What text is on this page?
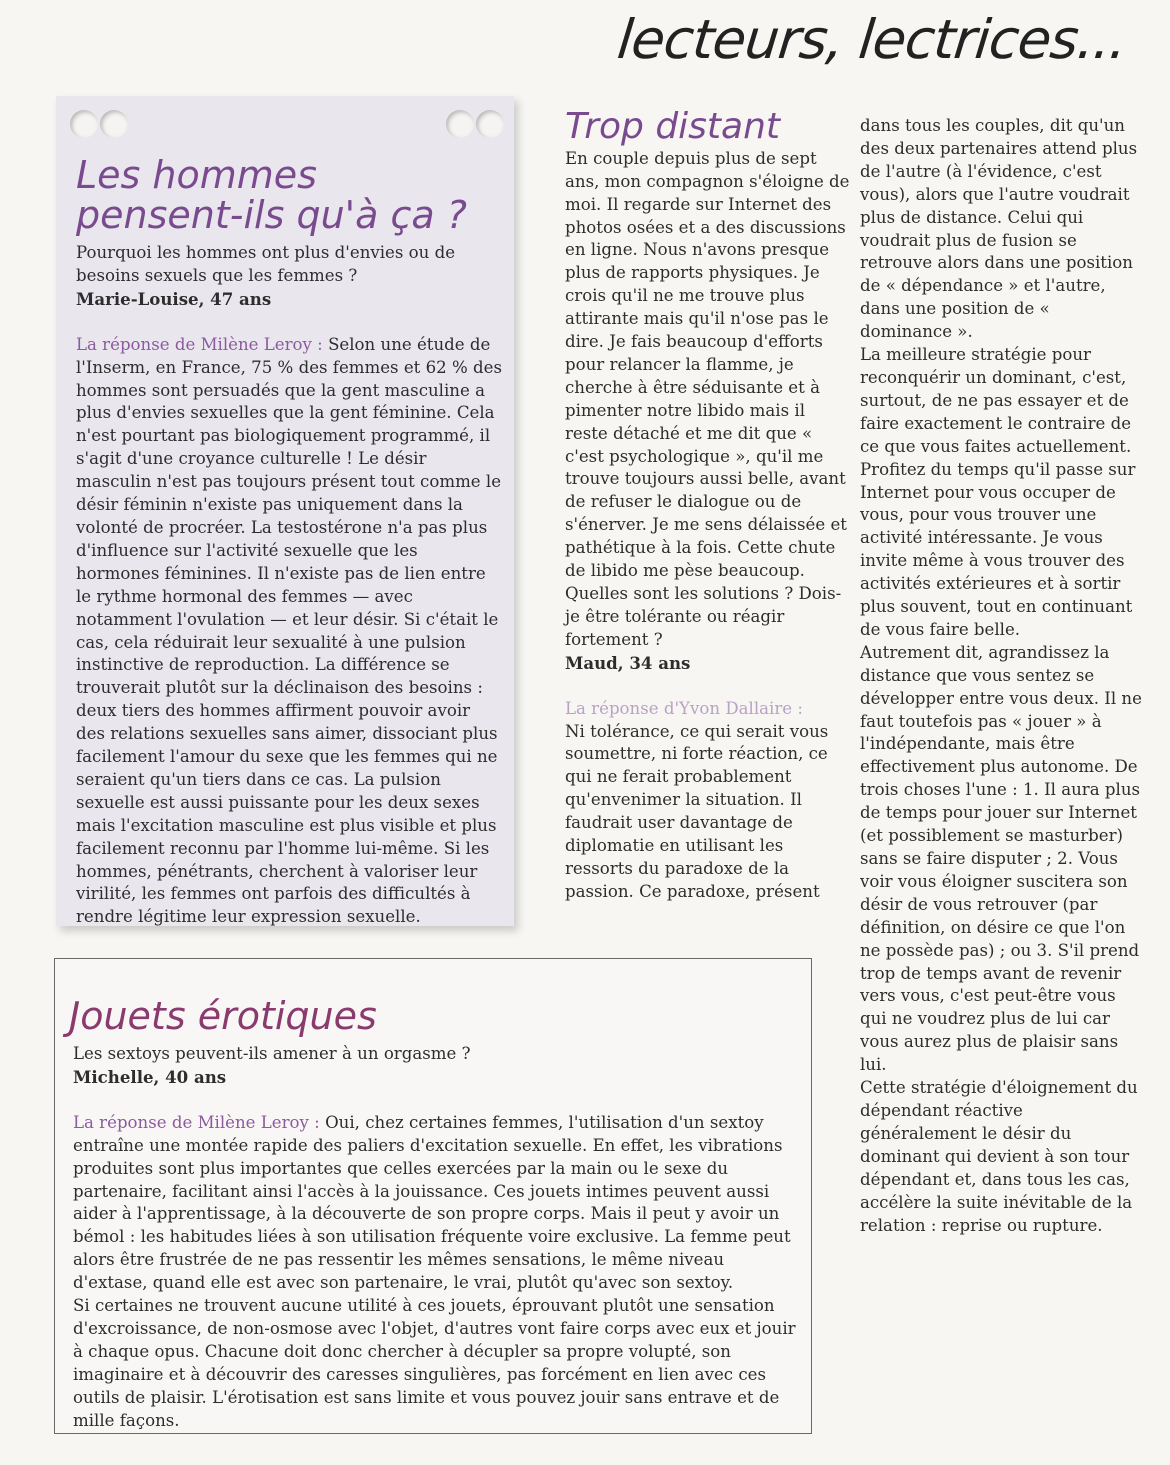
lecteurs, lectrices...
Les hommes pensent-ils qu'à ça ?

Pourquoi les hommes ont plus d'envies ou de besoins sexuels que les femmes ?

Marie-Louise, 47 ans

La réponse de Milène Leroy : Selon une étude de l'Inserm, en France, 75 % des femmes et 62 % des hommes sont persuadés que la gent masculine a plus d'envies sexuelles que la gent féminine. Cela n'est pourtant pas biologiquement programmé, il s'agit d'une croyance culturelle ! Le désir masculin n'est pas toujours présent tout comme le désir féminin n'existe pas uniquement dans la volonté de procréer. La testostérone n'a pas plus d'influence sur l'activité sexuelle que les hormones féminines. Il n'existe pas de lien entre le rythme hormonal des femmes — avec notamment l'ovulation — et leur désir. Si c'était le cas, cela réduirait leur sexualité à une pulsion instinctive de reproduction. La différence se trouverait plutôt sur la déclinaison des besoins : deux tiers des hommes affirment pouvoir avoir des relations sexuelles sans aimer, dissociant plus facilement l'amour du sexe que les femmes qui ne seraient qu'un tiers dans ce cas. La pulsion sexuelle est aussi puissante pour les deux sexes mais l'excitation masculine est plus visible et plus facilement reconnu par l'homme lui-même. Si les hommes, pénétrants, cherchent à valoriser leur virilité, les femmes ont parfois des difficultés à rendre légitime leur expression sexuelle.

Trop distant

En couple depuis plus de sept ans, mon compagnon s'éloigne de moi. Il regarde sur Internet des photos osées et a des discussions en ligne. Nous n'avons presque plus de rapports physiques. Je crois qu'il ne me trouve plus attirante mais qu'il n'ose pas le dire. Je fais beaucoup d'efforts pour relancer la flamme, je cherche à être séduisante et à pimenter notre libido mais il reste détaché et me dit que « c'est psychologique », qu'il me trouve toujours aussi belle, avant de refuser le dialogue ou de s'énerver. Je me sens délaissée et pathétique à la fois. Cette chute de libido me pèse beaucoup. Quelles sont les solutions ? Dois-je être tolérante ou réagir fortement ?

Maud, 34 ans

La réponse d'Yvon Dallaire :

Ni tolérance, ce qui serait vous soumettre, ni forte réaction, ce qui ne ferait probablement qu'envenimer la situation. Il faudrait user davantage de diplomatie en utilisant les ressorts du paradoxe de la passion. Ce paradoxe, présent

dans tous les couples, dit qu'un des deux partenaires attend plus de l'autre (à l'évidence, c'est vous), alors que l'autre voudrait plus de distance. Celui qui voudrait plus de fusion se retrouve alors dans une position de « dépendance » et l'autre, dans une position de « dominance ».

La meilleure stratégie pour reconquérir un dominant, c'est, surtout, de ne pas essayer et de faire exactement le contraire de ce que vous faites actuellement. Profitez du temps qu'il passe sur Internet pour vous occuper de vous, pour vous trouver une activité intéressante. Je vous invite même à vous trouver des activités extérieures et à sortir plus souvent, tout en continuant de vous faire belle.

Autrement dit, agrandissez la distance que vous sentez se développer entre vous deux. Il ne faut toutefois pas « jouer » à l'indépendante, mais être effectivement plus autonome. De trois choses l'une : 1. Il aura plus de temps pour jouer sur Internet (et possiblement se masturber) sans se faire disputer ; 2. Vous voir vous éloigner suscitera son désir de vous retrouver (par définition, on désire ce que l'on ne possède pas) ; ou 3. S'il prend trop de temps avant de revenir vers vous, c'est peut-être vous qui ne voudrez plus de lui car vous aurez plus de plaisir sans lui.

Cette stratégie d'éloignement du dépendant réactive généralement le désir du dominant qui devient à son tour dépendant et, dans tous les cas, accélère la suite inévitable de la relation : reprise ou rupture.

Jouets érotiques

Les sextoys peuvent-ils amener à un orgasme ?

Michelle, 40 ans

La réponse de Milène Leroy : Oui, chez certaines femmes, l'utilisation d'un sextoy entraîne une montée rapide des paliers d'excitation sexuelle. En effet, les vibrations produites sont plus importantes que celles exercées par la main ou le sexe du partenaire, facilitant ainsi l'accès à la jouissance. Ces jouets intimes peuvent aussi aider à l'apprentissage, à la découverte de son propre corps. Mais il peut y avoir un bémol : les habitudes liées à son utilisation fréquente voire exclusive. La femme peut alors être frustrée de ne pas ressentir les mêmes sensations, le même niveau d'extase, quand elle est avec son partenaire, le vrai, plutôt qu'avec son sextoy.

Si certaines ne trouvent aucune utilité à ces jouets, éprouvant plutôt une sensation d'excroissance, de non-osmose avec l'objet, d'autres vont faire corps avec eux et jouir à chaque opus. Chacune doit donc chercher à décupler sa propre volupté, son imaginaire et à découvrir des caresses singulières, pas forcément en lien avec ces outils de plaisir. L'érotisation est sans limite et vous pouvez jouir sans entrave et de mille façons.
